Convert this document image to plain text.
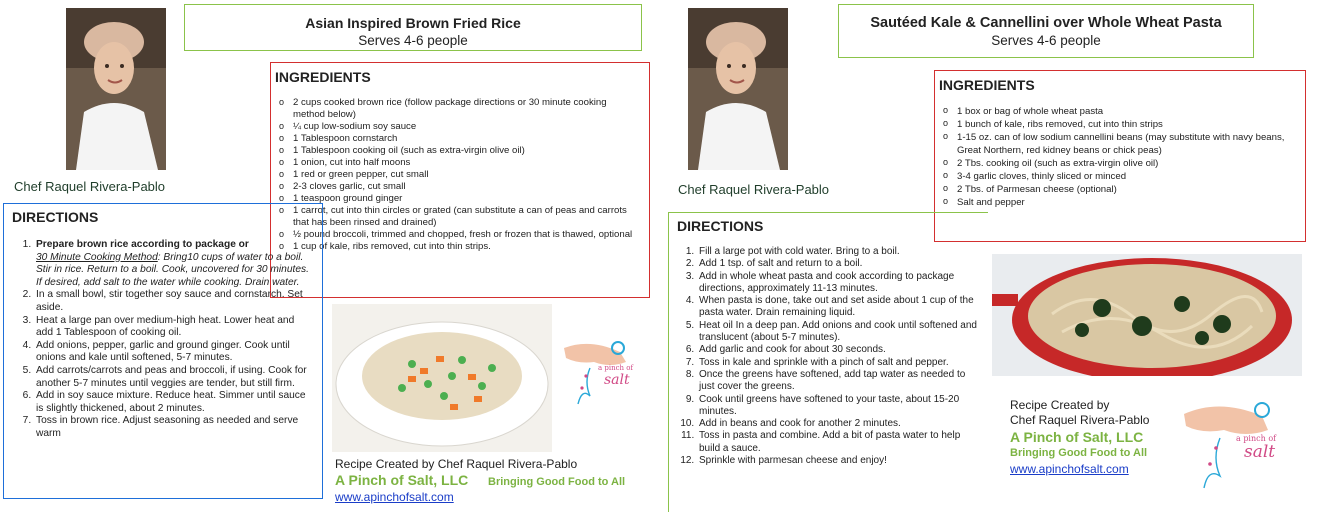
Chef Raquel Rivera-Pablo
Asian Inspired Brown Fried Rice
Serves 4-6 people
INGREDIENTS
o 2 cups cooked brown rice (follow package directions or 30 minute cooking method below)
o ¼ cup low-sodium soy sauce
o 1 Tablespoon cornstarch
o 1 Tablespoon cooking oil (such as extra-virgin olive oil)
o 1 onion, cut into half moons
o 1 red or green pepper, cut small
o 2-3 cloves garlic, cut small
o 1 teaspoon ground ginger
o 1 carrot, cut into thin circles or grated (can substitute a can of peas and carrots that has been rinsed and drained)
o ½ pound broccoli, trimmed and chopped, fresh or frozen that is thawed, optional
o 1 cup of kale, ribs removed, cut into thin strips.
DIRECTIONS
1. Prepare brown rice according to package or
30 Minute Cooking Method: Bring10 cups of water to a boil. Stir in rice. Return to a boil. Cook, uncovered for 30 minutes. If desired, add salt to the water while cooking. Drain water.
2. In a small bowl, stir together soy sauce and cornstarch. Set aside.
3. Heat a large pan over medium-high heat. Lower heat and add 1 Tablespoon of cooking oil.
4. Add onions, pepper, garlic and ground ginger. Cook until onions and kale until softened, 5-7 minutes.
5. Add carrots/carrots and peas and broccoli, if using. Cook for another 5-7 minutes until veggies are tender, but still firm.
6. Add in soy sauce mixture. Reduce heat. Simmer until sauce is slightly thickened, about 2 minutes.
7. Toss in brown rice. Adjust seasoning as needed and serve warm
a pinch of
salt
Recipe Created by Chef Raquel Rivera-Pablo
A Pinch of Salt, LLC Bringing Good Food to All
www.apinchofsalt.com
Chef Raquel Rivera-Pablo
Sautéed Kale & Cannellini over Whole Wheat Pasta
Serves 4-6 people
INGREDIENTS
o 1 box or bag of whole wheat pasta
o 1 bunch of kale, ribs removed, cut into thin strips
o 1-15 oz. can of low sodium cannellini beans (may substitute with navy beans, Great Northern, red kidney beans or chick peas)
o 2 Tbs. cooking oil (such as extra-virgin olive oil)
o 3-4 garlic cloves, thinly sliced or minced
o 2 Tbs. of Parmesan cheese (optional)
o Salt and pepper
DIRECTIONS
1. Fill a large pot with cold water. Bring to a boil.
2. Add 1 tsp. of salt and return to a boil.
3. Add in whole wheat pasta and cook according to package directions, approximately 11-13 minutes.
4. When pasta is done, take out and set aside about 1 cup of the pasta water. Drain remaining liquid.
5. Heat oil In a deep pan. Add onions and cook until softened and translucent (about 5-7 minutes).
6. Add garlic and cook for about 30 seconds.
7. Toss in kale and sprinkle with a pinch of salt and pepper.
8. Once the greens have softened, add tap water as needed to just cover the greens.
9. Cook until greens have softened to your taste, about 15-20 minutes.
10. Add in beans and cook for another 2 minutes.
11. Toss in pasta and combine. Add a bit of pasta water to help build a sauce.
12. Sprinkle with parmesan cheese and enjoy!
Recipe Created by
Chef Raquel Rivera-Pablo
A Pinch of Salt, LLC
Bringing Good Food to All
www.apinchofsalt.com
a pinch of
salt
